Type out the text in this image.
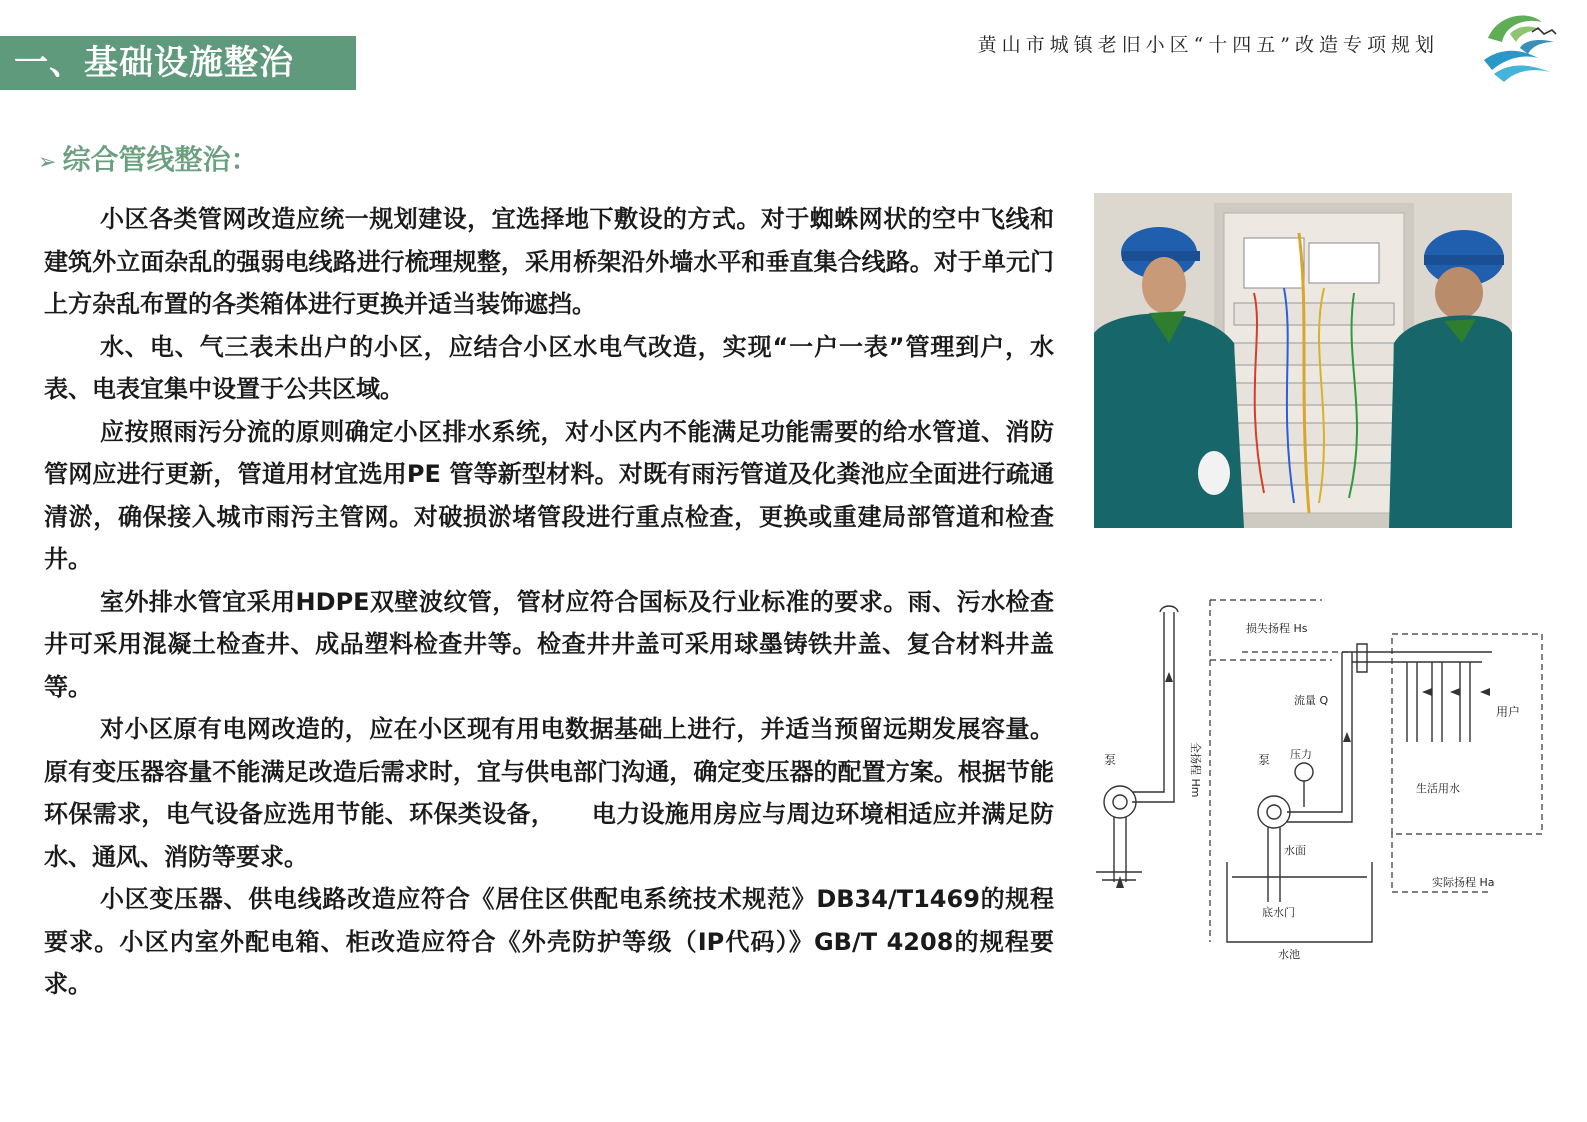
一、基础设施整治	黄山市城镇老旧小区“十四五”改造专项规划
➢ 综合管线整治：

小区各类管网改造应统一规划建设，宜选择地下敷设的方式。对于蜘蛛网状的空中飞线和建筑外立面杂乱的强弱电线路进行梳理规整，采用桥架沿外墙水平和垂直集合线路。对于单元门上方杂乱布置的各类箱体进行更换并适当装饰遮挡。

水、电、气三表未出户的小区，应结合小区水电气改造，实现“一户一表”管理到户，水表、电表宜集中设置于公共区域。

应按照雨污分流的原则确定小区排水系统，对小区内不能满足功能需要的给水管道、消防管网应进行更新，管道用材宜选用PE 管等新型材料。对既有雨污管道及化粪池应全面进行疏通清淤，确保接入城市雨污主管网。对破损淤堵管段进行重点检查，更换或重建局部管道和检查井。

室外排水管宜采用HDPE双壁波纹管，管材应符合国标及行业标准的要求。雨、污水检查井可采用混凝土检查井、成品塑料检查井等。检查井井盖可采用球墨铸铁井盖、复合材料井盖等。

对小区原有电网改造的，应在小区现有用电数据基础上进行，并适当预留远期发展容量。原有变压器容量不能满足改造后需求时，宜与供电部门沟通，确定变压器的配置方案。根据节能环保需求，电气设备应选用节能、环保类设备，　　电力设施用房应与周边环境相适应并满足防水、通风、消防等要求。

小区变压器、供电线路改造应符合《居住区供配电系统技术规范》DB34/T1469的规程要求。小区内室外配电箱、柜改造应符合《外壳防护等级（IP代码）》GB/T 4208的规程要求。

泵	泵
全扬程 Hm
损失扬程 Hs
流量 Q
压力
用户
生活用水
水面
底水门
水池
实际扬程 Ha
